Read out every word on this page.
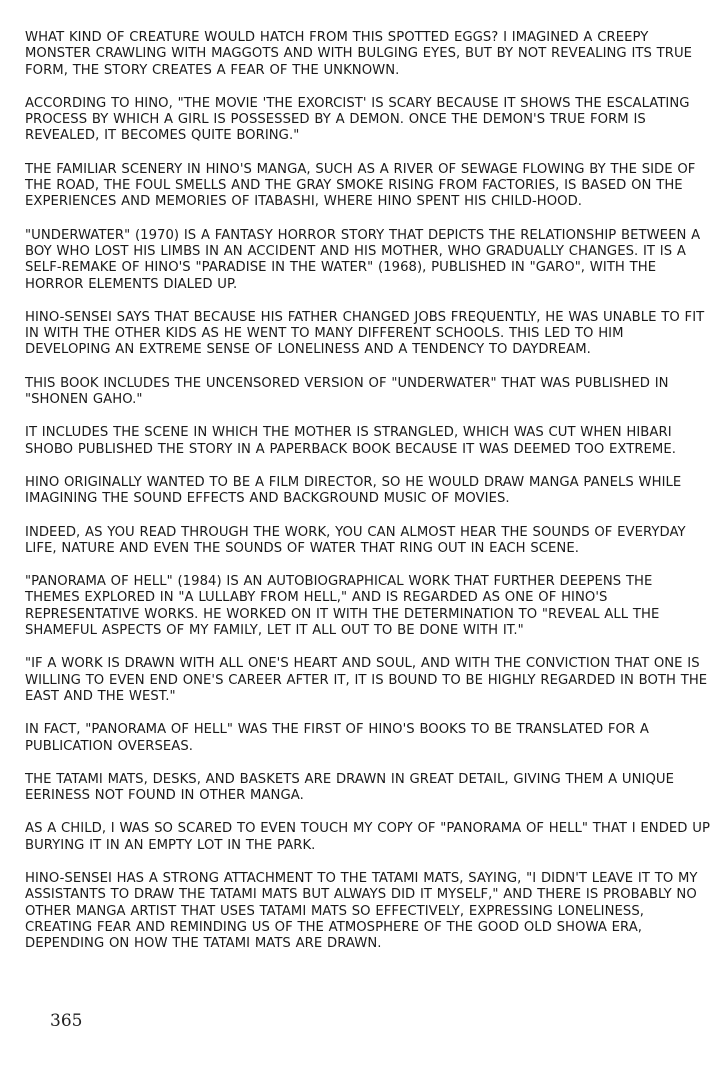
WHAT KIND OF CREATURE WOULD HATCH FROM THIS SPOTTED EGGS? I IMAGINED A CREEPY MONSTER CRAWLING WITH MAGGOTS AND WITH BULGING EYES, BUT BY NOT REVEALING ITS TRUE FORM, THE STORY CREATES A FEAR OF THE UNKNOWN.

ACCORDING TO HINO, "THE MOVIE 'THE EXORCIST' IS SCARY BECAUSE IT SHOWS THE ESCALATING PROCESS BY WHICH A GIRL IS POSSESSED BY A DEMON. ONCE THE DEMON'S TRUE FORM IS REVEALED, IT BECOMES QUITE BORING."

THE FAMILIAR SCENERY IN HINO'S MANGA, SUCH AS A RIVER OF SEWAGE FLOWING BY THE SIDE OF THE ROAD, THE FOUL SMELLS AND THE GRAY SMOKE RISING FROM FACTORIES, IS BASED ON THE EXPERIENCES AND MEMORIES OF ITABASHI, WHERE HINO SPENT HIS CHILD-HOOD.

"UNDERWATER" (1970) IS A FANTASY HORROR STORY THAT DEPICTS THE RELATIONSHIP BETWEEN A BOY WHO LOST HIS LIMBS IN AN ACCIDENT AND HIS MOTHER, WHO GRADUALLY CHANGES. IT IS A SELF-REMAKE OF HINO'S "PARADISE IN THE WATER" (1968), PUBLISHED IN "GARO", WITH THE HORROR ELEMENTS DIALED UP.

HINO-SENSEI SAYS THAT BECAUSE HIS FATHER CHANGED JOBS FREQUENTLY, HE WAS UNABLE TO FIT IN WITH THE OTHER KIDS AS HE WENT TO MANY DIFFERENT SCHOOLS. THIS LED TO HIM DEVELOPING AN EXTREME SENSE OF LONELINESS AND A TENDENCY TO DAYDREAM.

THIS BOOK INCLUDES THE UNCENSORED VERSION OF "UNDERWATER" THAT WAS PUBLISHED IN "SHONEN GAHO."

IT INCLUDES THE SCENE IN WHICH THE MOTHER IS STRANGLED, WHICH WAS CUT WHEN HIBARI SHOBO PUBLISHED THE STORY IN A PAPERBACK BOOK BECAUSE IT WAS DEEMED TOO EXTREME.

HINO ORIGINALLY WANTED TO BE A FILM DIRECTOR, SO HE WOULD DRAW MANGA PANELS WHILE IMAGINING THE SOUND EFFECTS AND BACKGROUND MUSIC OF MOVIES.

INDEED, AS YOU READ THROUGH THE WORK, YOU CAN ALMOST HEAR THE SOUNDS OF EVERYDAY LIFE, NATURE AND EVEN THE SOUNDS OF WATER THAT RING OUT IN EACH SCENE.

"PANORAMA OF HELL" (1984) IS AN AUTOBIOGRAPHICAL WORK THAT FURTHER DEEPENS THE THEMES EXPLORED IN "A LULLABY FROM HELL," AND IS REGARDED AS ONE OF HINO'S REPRESENTATIVE WORKS. HE WORKED ON IT WITH THE DETERMINATION TO "REVEAL ALL THE SHAMEFUL ASPECTS OF MY FAMILY, LET IT ALL OUT TO BE DONE WITH IT."

"IF A WORK IS DRAWN WITH ALL ONE'S HEART AND SOUL, AND WITH THE CONVICTION THAT ONE IS WILLING TO EVEN END ONE'S CAREER AFTER IT, IT IS BOUND TO BE HIGHLY REGARDED IN BOTH THE EAST AND THE WEST."

IN FACT, "PANORAMA OF HELL" WAS THE FIRST OF HINO'S BOOKS TO BE TRANSLATED FOR A PUBLICATION OVERSEAS.

THE TATAMI MATS, DESKS, AND BASKETS ARE DRAWN IN GREAT DETAIL, GIVING THEM A UNIQUE EERINESS NOT FOUND IN OTHER MANGA.

AS A CHILD, I WAS SO SCARED TO EVEN TOUCH MY COPY OF "PANORAMA OF HELL" THAT I ENDED UP BURYING IT IN AN EMPTY LOT IN THE PARK.

HINO-SENSEI HAS A STRONG ATTACHMENT TO THE TATAMI MATS, SAYING, "I DIDN'T LEAVE IT TO MY ASSISTANTS TO DRAW THE TATAMI MATS BUT ALWAYS DID IT MYSELF," AND THERE IS PROBABLY NO OTHER MANGA ARTIST THAT USES TATAMI MATS SO EFFECTIVELY, EXPRESSING LONELINESS, CREATING FEAR AND REMINDING US OF THE ATMOSPHERE OF THE GOOD OLD SHOWA ERA, DEPENDING ON HOW THE TATAMI MATS ARE DRAWN.

365
